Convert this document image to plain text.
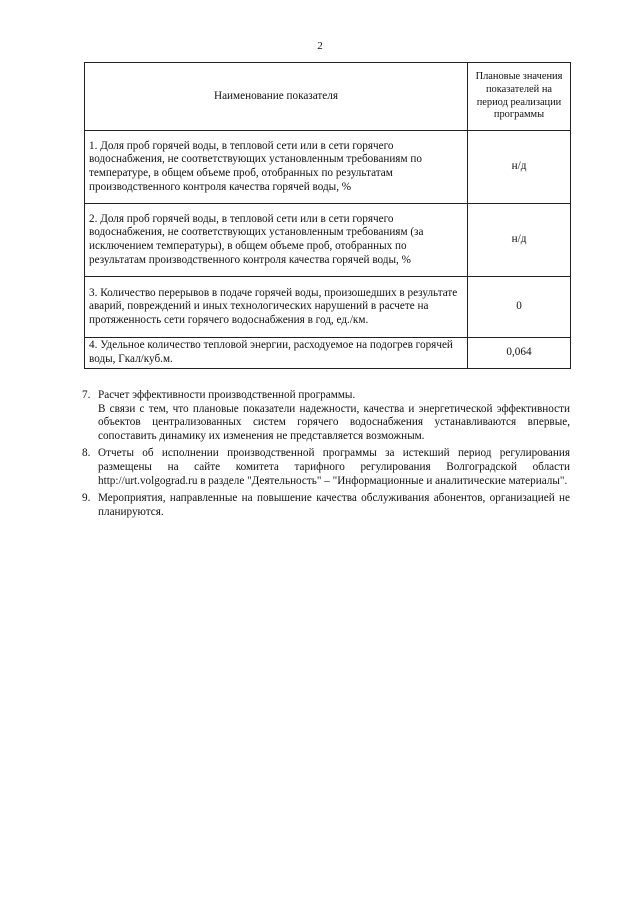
2
Наименование показателя	Плановые значения показателей на период реализации программы
1. Доля проб горячей воды, в тепловой сети или в сети горячего водоснабжения, не соответствующих установленным требованиям по температуре, в общем объеме проб, отобранных по результатам производственного контроля качества горячей воды, %	н/д
2. Доля проб горячей воды, в тепловой сети или в сети горячего водоснабжения, не соответствующих установленным требованиям (за исключением температуры), в общем объеме проб, отобранных по результатам производственного контроля качества горячей воды, %	н/д
3. Количество перерывов в подаче горячей воды, произошедших в результате аварий, повреждений и иных технологических нарушений в расчете на протяженность сети горячего водоснабжения в год, ед./км.	0
4. Удельное количество тепловой энергии, расходуемое на подогрев горячей воды, Гкал/куб.м.	0,064
7. Расчет эффективности производственной программы.

В связи с тем, что плановые показатели надежности, качества и энергетической эффективности объектов централизованных систем горячего водоснабжения устанавливаются впервые, сопоставить динамику их изменения не представляется возможным.

8. Отчеты об исполнении производственной программы за истекший период регулирования размещены на сайте комитета тарифного регулирования Волгоградской области http://urt.volgograd.ru в разделе "Деятельность" – "Информационные и аналитические материалы".

9. Мероприятия, направленные на повышение качества обслуживания абонентов, организацией не планируются.
